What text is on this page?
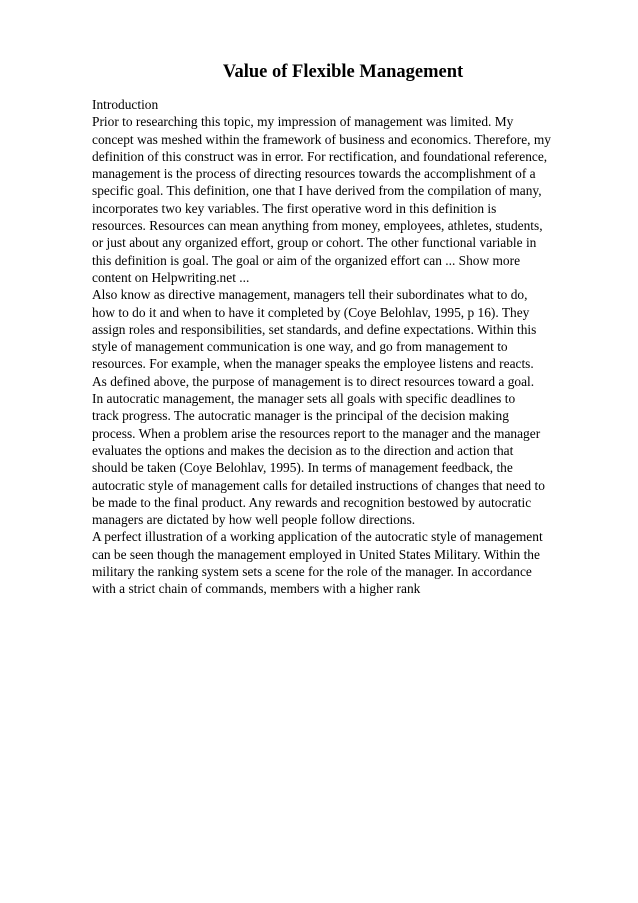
Value of Flexible Management
Introduction
Prior to researching this topic, my impression of management was limited. My
concept was meshed within the framework of business and economics. Therefore, my
definition of this construct was in error. For rectification, and foundational reference,
management is the process of directing resources towards the accomplishment of a
specific goal. This definition, one that I have derived from the compilation of many,
incorporates two key variables. The first operative word in this definition is
resources. Resources can mean anything from money, employees, athletes, students,
or just about any organized effort, group or cohort. The other functional variable in
this definition is goal. The goal or aim of the organized effort can ... Show more
content on Helpwriting.net ...
Also know as directive management, managers tell their subordinates what to do,
how to do it and when to have it completed by (Coye Belohlav, 1995, p 16). They
assign roles and responsibilities, set standards, and define expectations. Within this
style of management communication is one way, and go from management to
resources. For example, when the manager speaks the employee listens and reacts.
As defined above, the purpose of management is to direct resources toward a goal.
In autocratic management, the manager sets all goals with specific deadlines to
track progress. The autocratic manager is the principal of the decision making
process. When a problem arise the resources report to the manager and the manager
evaluates the options and makes the decision as to the direction and action that
should be taken (Coye Belohlav, 1995). In terms of management feedback, the
autocratic style of management calls for detailed instructions of changes that need to
be made to the final product. Any rewards and recognition bestowed by autocratic
managers are dictated by how well people follow directions.
A perfect illustration of a working application of the autocratic style of management
can be seen though the management employed in United States Military. Within the
military the ranking system sets a scene for the role of the manager. In accordance
with a strict chain of commands, members with a higher rank
